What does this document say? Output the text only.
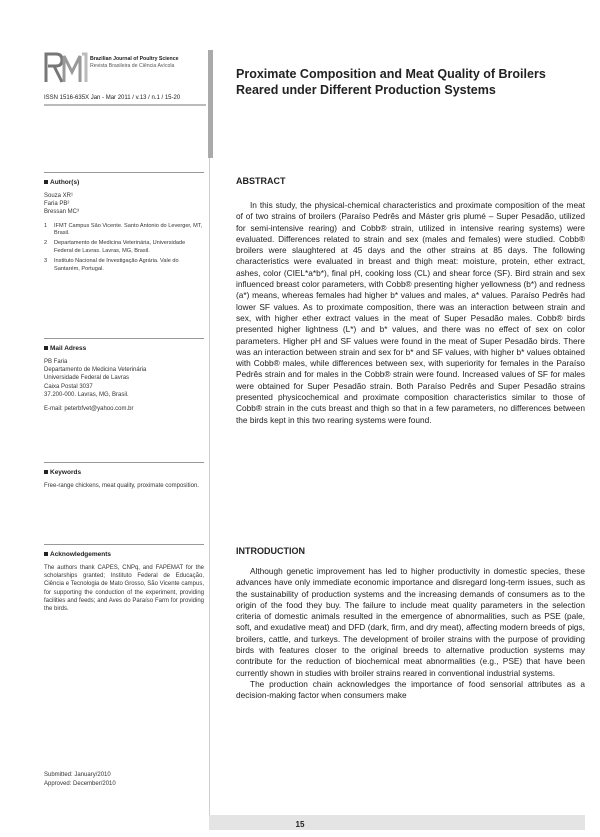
Brazilian Journal of Poultry Science
Revista Brasileira de Ciência Avícola
ISSN 1516-635X Jan - Mar 2011 / v.13 / n.1 / 15-20
Proximate Composition and Meat Quality of Broilers Reared under Different Production Systems
Author(s)
Souza XR¹
Faria PB²
Bressan MC³
1	IFMT Campus São Vicente. Santo Antonio do Leverger, MT, Brasil.
2	Departamento de Medicina Veterinária, Universidade Federal de Lavras. Lavras, MG, Brasil.
3	Instituto Nacional de Investigação Agrária. Vale do Santarém, Portugal.
Mail Adress
PB Faria
Departamento de Medicina Veterinária
Universidade Federal de Lavras
Caixa Postal 3037
37.200-000. Lavras, MG, Brasil.
E-mail: peterbfvet@yahoo.com.br
Keywords
Free-range chickens, meat quality, proximate composition.
Acknowledgements
The authors thank CAPES, CNPq, and FAPEMAT for the scholarships granted; Instituto Federal de Educação, Ciência e Tecnologia de Mato Grosso, São Vicente campus, for supporting the conduction of the experiment, providing facilities and feeds; and Aves do Paraíso Farm for providing the birds.
Submitted: January/2010
Approved: December/2010
ABSTRACT

In this study, the physical-chemical characteristics and proximate composition of the meat of of two strains of broilers (Paraíso Pedrês and Máster gris plumé – Super Pesadão, utilized for semi-intensive rearing) and Cobb® strain, utilized in intensive rearing systems) were evaluated. Differences related to strain and sex (males and females) were studied. Cobb® broilers were slaughtered at 45 days and the other strains at 85 days. The following characteristics were evaluated in breast and thigh meat: moisture, protein, ether extract, ashes, color (CIEL*a*b*), final pH, cooking loss (CL) and shear force (SF). Bird strain and sex influenced breast color parameters, with Cobb® presenting higher yellowness (b*) and redness (a*) means, whereas females had higher b* values and males, a* values. Paraíso Pedrês had lower SF values. As to proximate composition, there was an interaction between strain and sex, with higher ether extract values in the meat of Super Pesadão males. Cobb® birds presented higher lightness (L*) and b* values, and there was no effect of sex on color parameters. Higher pH and SF values were found in the meat of Super Pesadão birds. There was an interaction between strain and sex for b* and SF values, with higher b* values obtained with Cobb® males, while differences between sex, with superiority for females in the Paraíso Pedrês strain and for males in the Cobb® strain were found. Increased values of SF for males were obtained for Super Pesadão strain. Both Paraíso Pedrês and Super Pesadão strains presented physicochemical and proximate composition characteristics similar to those of Cobb® strain in the cuts breast and thigh so that in a few parameters, no differences between the birds kept in this two rearing systems were found.

INTRODUCTION

Although genetic improvement has led to higher productivity in domestic species, these advances have only immediate economic importance and disregard long-term issues, such as the sustainability of production systems and the increasing demands of consumers as to the origin of the food they buy. The failure to include meat quality parameters in the selection criteria of domestic animals resulted in the emergence of abnormalities, such as PSE (pale, soft, and exudative meat) and DFD (dark, firm, and dry meat), affecting modern breeds of pigs, broilers, cattle, and turkeys. The development of broiler strains with the purpose of providing birds with features closer to the original breeds to alternative production systems may contribute for the reduction of biochemical meat abnormalities (e.g., PSE) that have been currently shown in studies with broiler strains reared in conventional industrial systems.

The production chain acknowledges the importance of food sensorial attributes as a decision-making factor when consumers make

15
